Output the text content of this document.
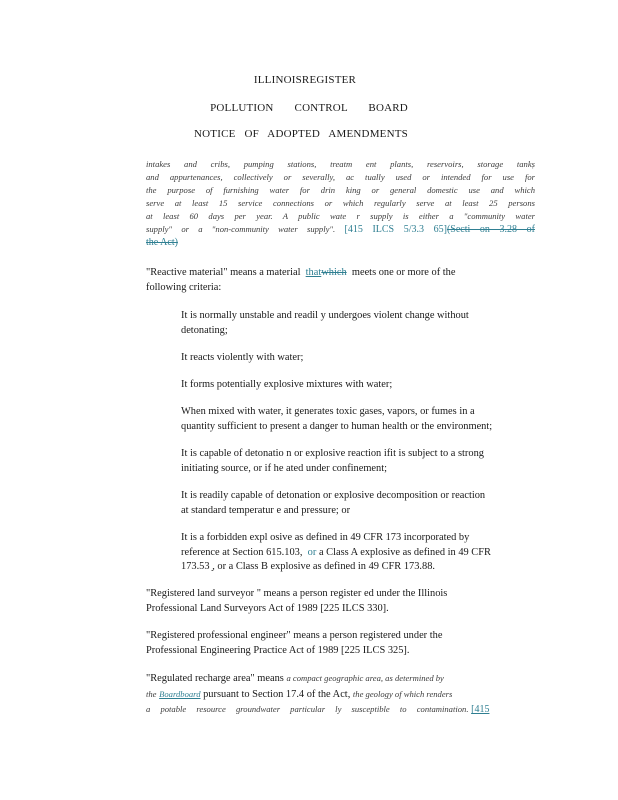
ILLINOISREGISTER
POLLUTION CONTROL BOARD
NOTICE OF ADOPTED AMENDMENTS
intakes and cribs, pumping stations, treatm ent plants, reservoirs, storage tanks
and appurtenances, collectively or severally, ac tually used or intended for use for
the purpose of furnishing water for drin king or general domestic use and which
serve at least 15 service connections or which regularly serve at least 25 persons
at least 60 days per year. A public wate r supply is either a "community water
supply" or a "non-community water supply". [415 ILCS 5/3.3 65](Secti on 3.28 of
the Act)
"Reactive material" means a material thatwhich meets one or more of the
following criteria:
It is normally unstable and readil y undergoes violent change without
detonating;
It reacts violently with water;
It forms potentially explosive mixtures with water;
When mixed with water, it generates toxic gases, vapors, or fumes in a
quantity sufficient to present a danger to human health or the environment;
It is capable of detonatio n or explosive reaction ifit is subject to a strong
initiating source, or if he ated under confinement;
It is readily capable of detonation or explosive decomposition or reaction
at standard temperatur e and pressure; or
It is a forbidden expl osive as defined in 49 CFR 173 incorporated by
reference at Section 615.103, or a Class A explosive as defined in 49 CFR
173.53 , or a Class B explosive as defined in 49 CFR 173.88.
"Registered land surveyor " means a person register ed under the Illinois
Professional Land Surveyors Act of 1989 [225 ILCS 330].
"Registered professional engineer" means a person registered under the
Professional Engineering Practice Act of 1989 [225 ILCS 325].
"Regulated recharge area" means a compact geographic area, as determined by
the Boardboard pursuant to Section 17.4 of the Act, the geology of which renders
a potable resource groundwater particular ly susceptible to contamination. [415
